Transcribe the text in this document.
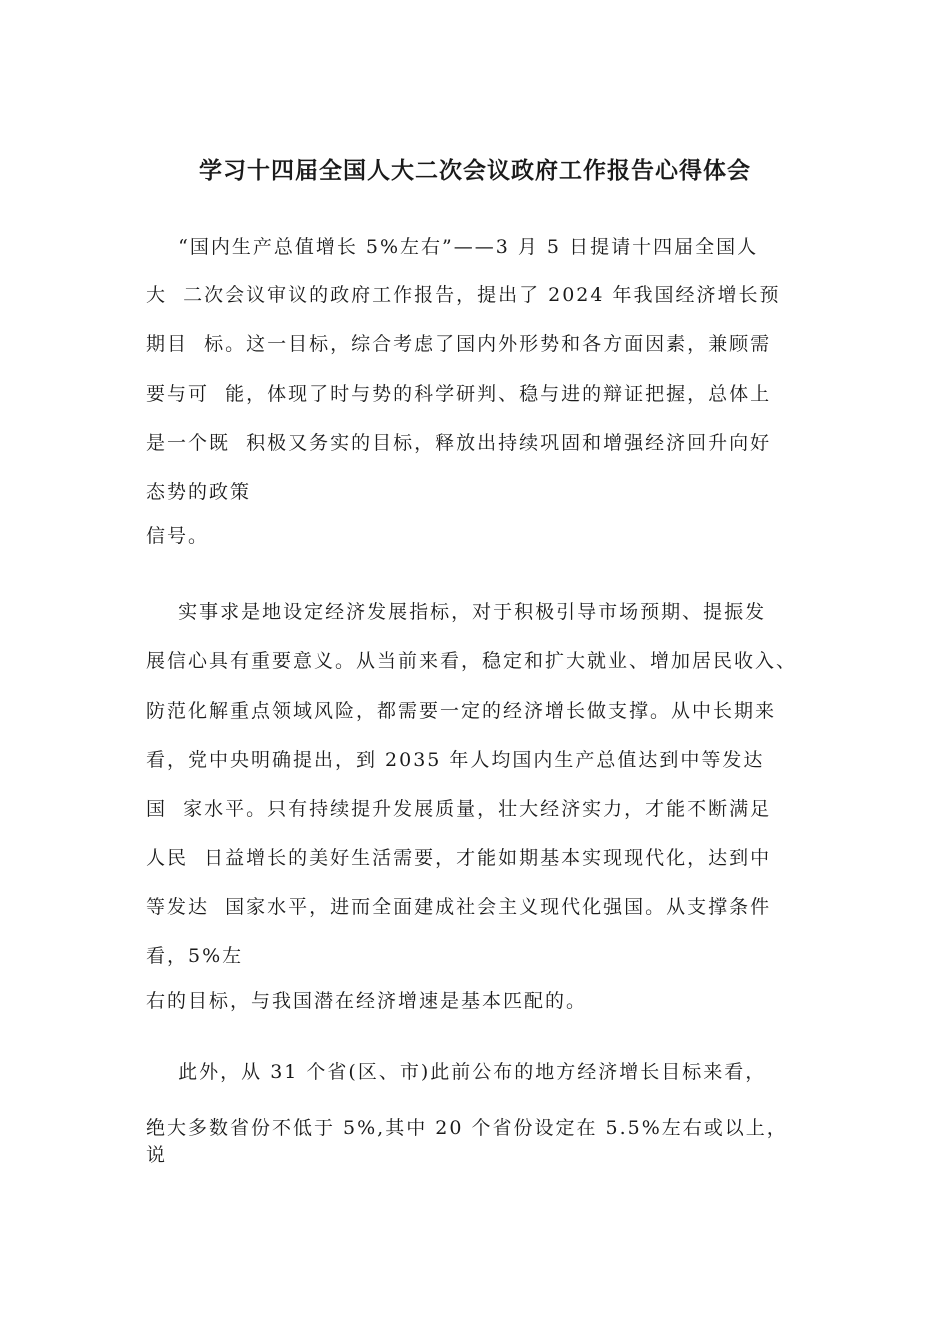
学习十四届全国人大二次会议政府工作报告心得体会

“国内生产总值增长 5%左右”——3 月 5 日提请十四届全国人

大  二次会议审议的政府工作报告，提出了 2024 年我国经济增长预

期目  标。这一目标，综合考虑了国内外形势和各方面因素，兼顾需

要与可  能，体现了时与势的科学研判、稳与进的辩证把握，总体上

是一个既  积极又务实的目标，释放出持续巩固和增强经济回升向好

态势的政策

信号。

实事求是地设定经济发展指标，对于积极引导市场预期、提振发

展信心具有重要意义。从当前来看，稳定和扩大就业、增加居民收入、

防范化解重点领域风险，都需要一定的经济增长做支撑。从中长期来

看，党中央明确提出，到 2035 年人均国内生产总值达到中等发达

国  家水平。只有持续提升发展质量，壮大经济实力，才能不断满足

人民  日益增长的美好生活需要，才能如期基本实现现代化，达到中

等发达  国家水平，进而全面建成社会主义现代化强国。从支撑条件

看，5%左

右的目标，与我国潜在经济增速是基本匹配的。

此外，从 31 个省(区、市)此前公布的地方经济增长目标来看，

绝大多数省份不低于 5%,其中 20 个省份设定在 5.5%左右或以上，

说
